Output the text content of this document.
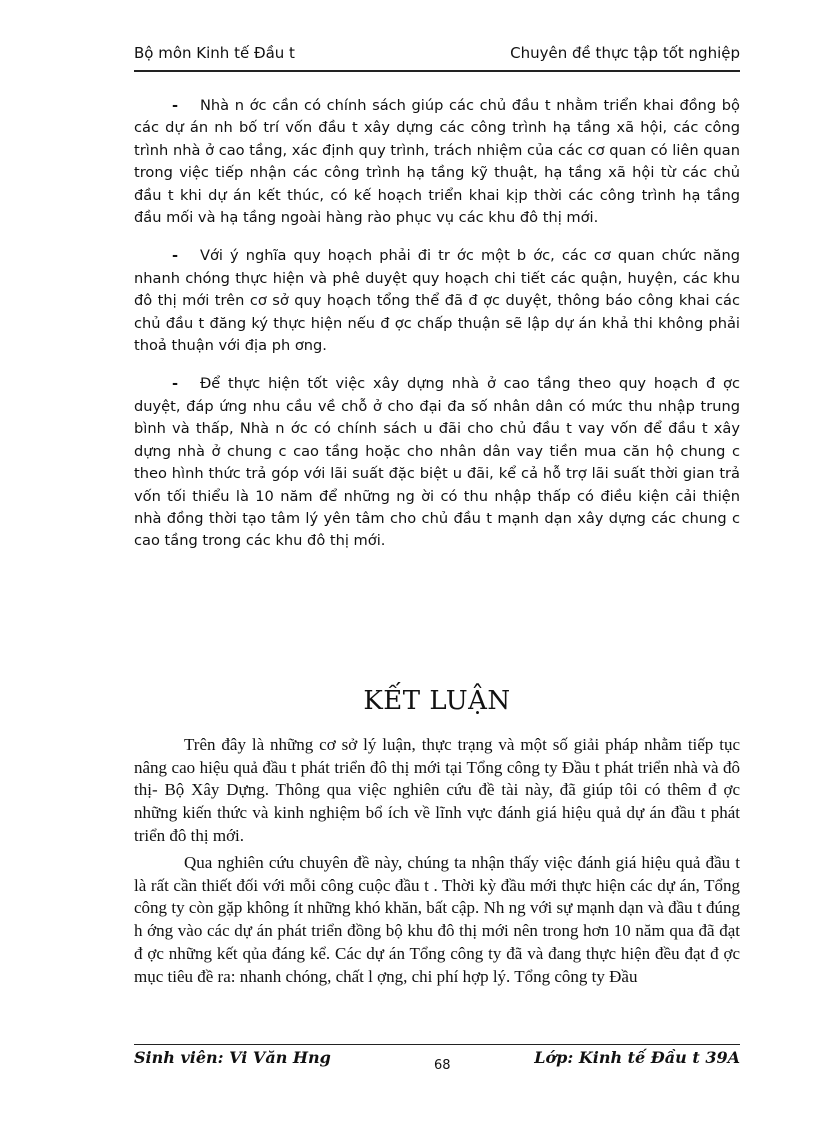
Bộ môn Kinh tế Đầu t	Chuyên đề thực tập tốt nghiệp

- Nhà n ớc cần có chính sách giúp các chủ đầu t nhằm triển khai đồng bộ các dự án nh bố trí vốn đầu t xây dựng các công trình hạ tầng xã hội, các công trình nhà ở cao tầng, xác định quy trình, trách nhiệm của các cơ quan có liên quan trong việc tiếp nhận các công trình hạ tầng kỹ thuật, hạ tầng xã hội từ các chủ đầu t khi dự án kết thúc, có kế hoạch triển khai kịp thời các công trình hạ tầng đầu mối và hạ tầng ngoài hàng rào phục vụ các khu đô thị mới.

- Với ý nghĩa quy hoạch phải đi tr ớc một b ớc, các cơ quan chức năng nhanh chóng thực hiện và phê duyệt quy hoạch chi tiết các quận, huyện, các khu đô thị mới trên cơ sở quy hoạch tổng thể đã đ ợc duyệt, thông báo công khai các chủ đầu t đăng ký thực hiện nếu đ ợc chấp thuận sẽ lập dự án khả thi không phải thoả thuận với địa ph ơng.

- Để thực hiện tốt việc xây dựng nhà ở cao tầng theo quy hoạch đ ợc duyệt, đáp ứng nhu cầu về chỗ ở cho đại đa số nhân dân có mức thu nhập trung bình và thấp, Nhà n ớc có chính sách u đãi cho chủ đầu t vay vốn để đầu t xây dựng nhà ở chung c cao tầng hoặc cho nhân dân vay tiền mua căn hộ chung c theo hình thức trả góp với lãi suất đặc biệt u đãi, kể cả hỗ trợ lãi suất thời gian trả vốn tối thiểu là 10 năm để những ng ời có thu nhập thấp có điều kiện cải thiện nhà đồng thời tạo tâm lý yên tâm cho chủ đầu t mạnh dạn xây dựng các chung c cao tầng trong các khu đô thị mới.

KẾT LUẬN

Trên đây là những cơ sở lý luận, thực trạng và một số giải pháp nhằm tiếp tục nâng cao hiệu quả đầu t phát triển đô thị mới tại Tổng công ty Đầu t phát triển nhà và đô thị- Bộ Xây Dựng. Thông qua việc nghiên cứu đề tài này, đã giúp tôi có thêm đ ợc những kiến thức và kinh nghiệm bổ ích về lĩnh vực đánh giá hiệu quả dự án đầu t phát triển đô thị mới.

Qua nghiên cứu chuyên đề này, chúng ta nhận thấy việc đánh giá hiệu quả đầu t là rất cần thiết đối với mỗi công cuộc đầu t . Thời kỳ đầu mới thực hiện các dự án, Tổng công ty còn gặp không ít những khó khăn, bất cập. Nh ng với sự mạnh dạn và đầu t đúng h ớng vào các dự án phát triển đồng bộ khu đô thị mới nên trong hơn 10 năm qua đã đạt đ ợc những kết qủa đáng kể. Các dự án Tổng công ty đã và đang thực hiện đều đạt đ ợc mục tiêu đề ra: nhanh chóng, chất l ợng, chi phí hợp lý. Tổng công ty Đầu

Sinh viên: Vi Văn Hng	68	Lớp: Kinh tế Đầu t 39A
